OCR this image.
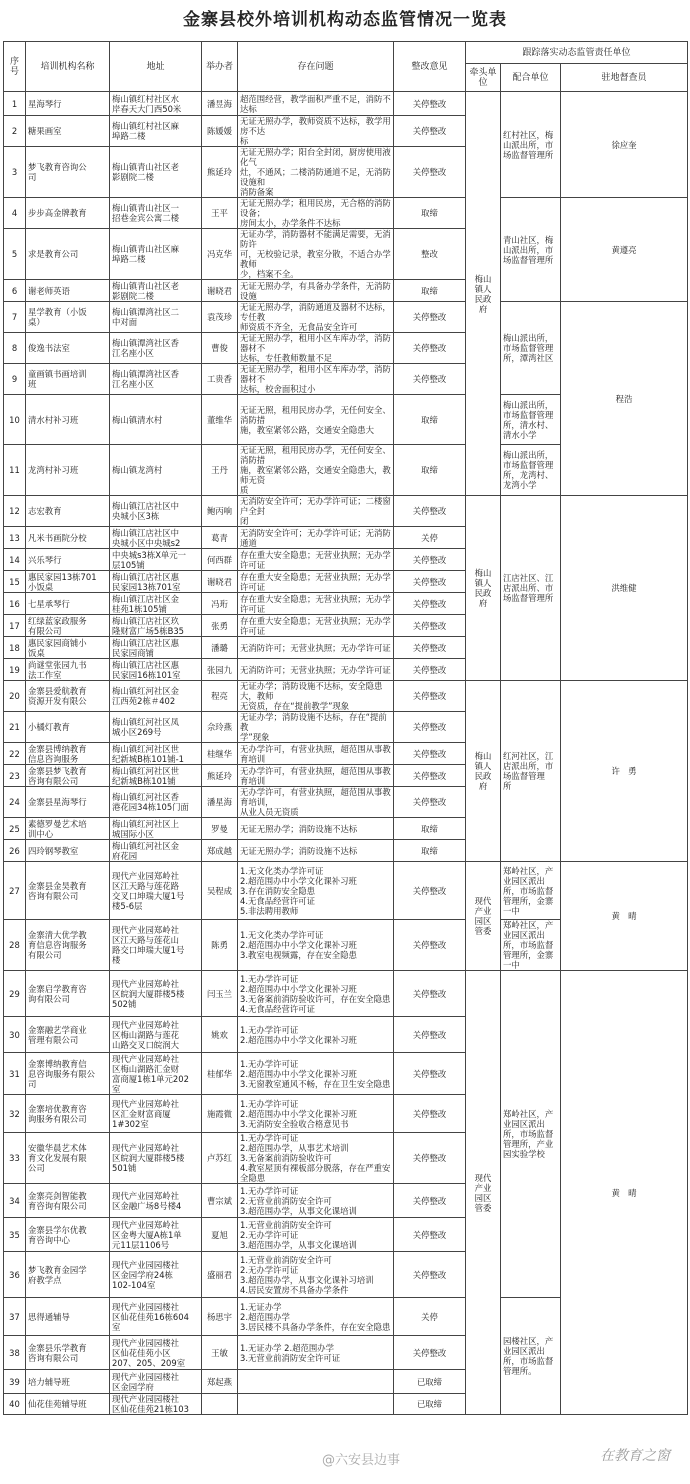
金寨县校外培训机构动态监管情况一览表
序号	培训机构名称	地址	举办者	存在问题	整改意见	跟踪落实动态监管责任单位		
						牵头单位	配合单位	驻地督查员
1	星海琴行	梅山镇红村社区水
岸春天大门西50米	潘昱海	超范围经营，教学面积严重不足，消防不达标	关停整改	梅山
镇人
民政
府	红村社区，梅
山派出所，市
场监督管理所	徐应奎
2	糖果画室	梅山镇红村社区麻
埠路二楼	陈媛媛	无证无照办学，教师资质不达标，教学用房不达
标	关停整改			
3	梦飞教育咨询公
司	梅山镇青山社区老
影剧院二楼	熊延玲	无证无照办学；阳台全封闭，厨房使用液化气
灶，不通风；二楼消防通道不足，无消防设施和
消防备案	关停整改			
4	步步高金牌教育	梅山镇青山社区一
招巷金宾公寓二楼	王平	无证无照办学；租用民房，无合格的消防设备；
房间太小，办学条件不达标	取缔		青山社区，梅
山派出所，市
场监督管理所	黄遵亮
5	求是教育公司	梅山镇青山社区麻
埠路二楼	冯克华	无证办学，消防器材不能满足需要，无消防许
可，无校验记录，教室分散，不适合办学教师
少，档案不全。	整改			
6	谢老师英语	梅山镇青山社区老
影剧院二楼	谢晓君	无证无照办学，有具备办学条件，无消防设施	取缔			
7	星学教育（小饭
桌）	梅山镇潭湾社区二
中对面	袁茂珍	无证无照办学，消防通道及器材不达标，专任教
师资质不齐全，无食品安全许可	关停整改		梅山派出所，
市场监督管理
所，潭湾社区	程浩
8	俊逸书法室	梅山镇潭湾社区香
江名座小区	曹俊	无证无照办学，租用小区车库办学，消防器材不
达标，专任教师数量不足	关停整改			
9	童画镇书画培训
班	梅山镇潭湾社区香
江名座小区	工贵香	无证无照办学，租用小区车库办学，消防器材不
达标，校舍面积过小	关停整改			
10	清水村补习班	梅山镇清水村	董维华	无证无照，租用民房办学，无任何安全、消防措
施，教室紧邻公路，交通安全隐患大	取缔		梅山派出所，
市场监督管理
所，清水村、
清水小学	
11	龙湾村补习班	梅山镇龙湾村	王丹	无证无照，租用民房办学，无任何安全、消防措
施，教室紧邻公路，交通安全隐患大，教师无资
质	取缔		梅山派出所，
市场监督管理
所，龙湾村、
龙湾小学	
12	志宏教育	梅山镇江店社区中
央城小区3栋	鲍丙响	无消防安全许可；无办学许可证；二楼窗户全封
闭	关停整改	梅山
镇人
民政
府	江店社区、江
店派出所、市
场监督管理所	洪维健
13	凡米书画院分校	梅山镇江店社区中
央城小区中央城s2	葛青	无消防安全许可；无办学许可证；无消防通道	关停			
14	兴乐琴行	中央城s3栋X单元一
层105铺	何西群	存在重大安全隐患；无营业执照；无办学许可证	关停整改			
15	惠民家园13栋701
小饭桌	梅山镇江店社区惠
民家园13栋701室	谢晓君	存在重大安全隐患；无营业执照；无办学许可证	关停整改			
16	七星承琴行	梅山镇江店社区金
桂苑1栋105铺	冯珩	存在重大安全隐患；无营业执照；无办学许可证	关停整改			
17	红绿蓝家政服务
有限公司	梅山镇江店社区玖
隆财富广场5栋B35	张勇	存在重大安全隐患；无营业执照；无办学许可证	关停整改			
18	惠民家园商铺小
饭桌	梅山镇江店社区惠
民家园商铺	潘璐	无消防许可；无营业执照；无办学许可证	关停整改			
19	尚谜堂张园九书
法工作室	梅山镇江店社区惠
民家园16栋101室	张园九	无消防许可；无营业执照；无办学许可证	关停整改			
20	金寨县爱航教育
资源开发有限公	梅山镇红河社区金
江西苑2栋＃402	程亮	无证办学；消防设施不达标，安全隐患大，教师
无资质，存在“提前教学”现象	关停整改	梅山
镇人
民政
府	红河社区，江
店派出所，市
场监督管理
所	许　勇
21	小橘灯教育	梅山镇红河社区凤
城小区269号	佘玲燕	无证办学；消防设施不达标，存在“提前教
学”现象	关停整改			
22	金寨县博纳教育
信息咨询服务	梅山镇红河社区世
纪新城B栋101铺-1	桂继华	无办学许可，有营业执照，超范围从事教育培训	关停整改			
23	金寨县梦飞教育
咨询有限公司	梅山镇红河社区世
纪新城B栋101铺	熊延玲	无办学许可，有营业执照，超范围从事教育培训	关停整改			
24	金寨县星海琴行	梅山镇红河社区香
港花园34栋105门面	潘星海	无办学许可，有营业执照，超范围从事教育培训，
从业人员无资质	关停整改			
25	素德罗曼艺术培
训中心	梅山镇红河社区上
城国际小区	罗曼	无证无照办学；消防设施不达标	取缔			
26	四玲钢琴教室	梅山镇红河社区金
府花园	郑成越	无证无照办学；消防设施不达标	取缔			
27	金寨县金昊教育
咨询有限公司	现代产业园郑岭社
区江天路与莲花路
交叉口坤瑞大厦1号
楼5-6层	吴程成	1.无文化类办学许可证
2.超范围办中小学文化课补习班
3.存在消防安全隐患
4.无食品经营许可证
5.非法聘用教师	关停整改	现代
产业
园区
管委	郑岭社区，产
业园区派出
所，市场监督
管理所，金寨
一中	黄　晴
28	金寨清大优学教
育信息咨询服务
有限公司	现代产业园郑岭社
区江天路与莲花山
路交口坤瑞大厦1号
楼	陈勇	1.无文化类办学许可证
2.超范围办中小学文化课补习班
3.教室电视频露，存在安全隐患	关停整改		郑岭社区，产
业园区派出
所，市场监督
管理所，金寨
一中	
29	金寨启学教育咨
询有限公司	现代产业园郑岭社
区皖润大厦群楼5楼
502铺	闫玉兰	1.无办学许可证
2.超范围办中小学文化课补习班
3.无备案前消防验收许可，存在安全隐患
4.无食品经营许可证	关停整改	现代
产业
园区
管委	郑岭社区，产
业园区派出
所，市场监督
管理所，产业
园实验学校	黄　晴
30	金寨融艺学商业
管理有限公司	现代产业园郑岭社
区梅山湖路与莲花
山路交叉口皖润大	姚欢	1.无办学许可证
2.超范围办中小学文化课补习班	关停整改			
31	金寨博纳教育信
息咨询服务有限公
司	现代产业园郑岭社
区梅山湖路汇金财
富商厦1栋1单元202
室	桂郁华	1.无办学许可证
2.超范围办中小学文化课补习班
3.无窗教室通风不畅，存在卫生安全隐患	关停整改			
32	金寨培优教育咨
询服务有限公司	现代产业园郑岭社
区汇金财富商厦
1#302室	施霞微	1.无办学许可证
2.超范围办中小学文化课补习班
3.无消防安全验收合格意见书	关停整改			
33	安徽华晨艺术体
育文化发展有限
公司	现代产业园郑岭社
区皖润大厦群楼5楼
501铺	卢苏红	1.无办学许可证
2.超范围办学，从事艺术培训
3.无备案前消防验收许可
4.教室屋顶有裸板部分脱落，存在严重安全隐患	关停整改			
34	金寨亮剑智能教
育咨询有限公司	现代产业园郑岭社
区金融广场8号楼4	曹宗斌	1.无办学许可证
2.无营业前消防安全许可
3.超范围办学，从事文化课培训	关停整改			
35	金寨县学尔优教
育咨询中心	现代产业园郑岭社
区金粤大厦A栋1单
元11层1106号	夏旭	1.无营业前消防安全许可
2.无办学许可证
3.超范围办学，从事文化课培训	关停整改			
36	梦飞教育金园学
府教学点	现代产业园园楼社
区金园学府24栋
102-104室	盛丽君	1.无营业前消防安全许可
2.无办学许可证
3.超范围办学，从事文化课补习培训
4.居民安置房不具备办学条件	关停整改			
37	思得通辅导	现代产业园园楼社
区仙花佳苑16栋604
室	杨思宇	1.无证办学
2.超范围办学
3.居民楼不具备办学条件，存在安全隐患	关停		园楼社区，产
业园区派出
所，市场监督
管理所。	
38	金寨县乐学教育
咨询有限公司	现代产业园园楼社
区仙花佳苑小区
207、205、209室	王敏	1.无证办学 2.超范围办学
3.无营业前消防安全许可证	关停整改			
39	培力辅导班	现代产业园园楼社
区金园学府	郑起燕		已取缔			
40	仙花佳苑辅导班	现代产业园园楼社
区仙花佳苑21栋103			已取缔			
@六安县边事	在教育之窗
